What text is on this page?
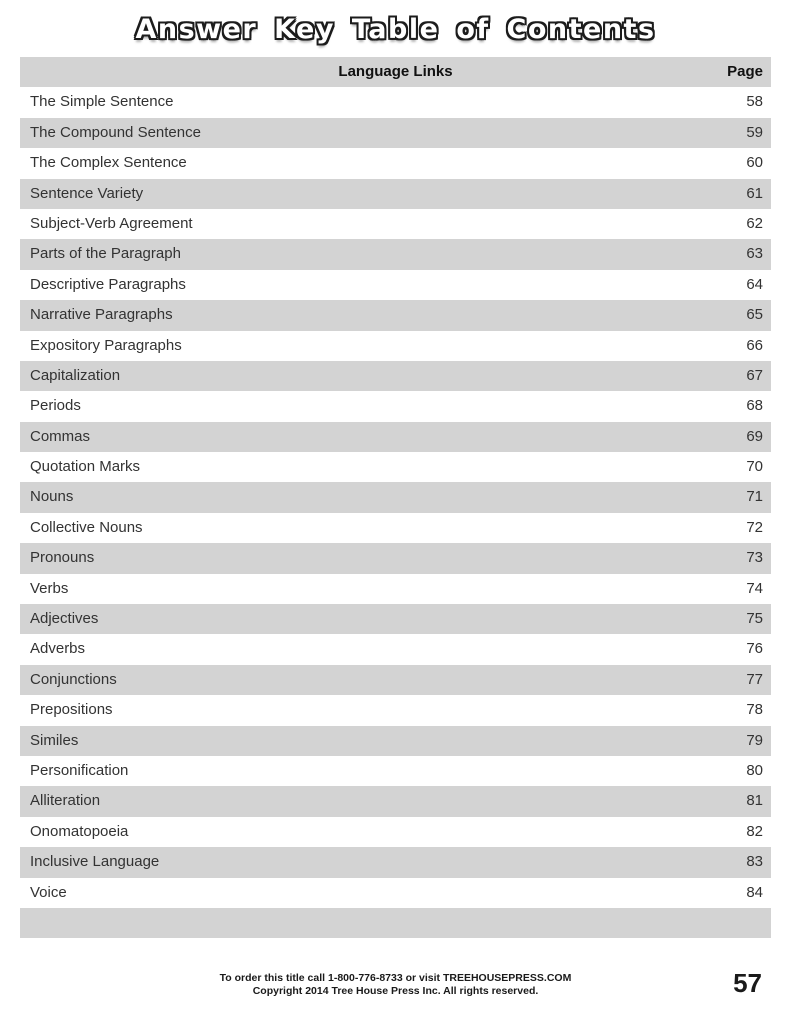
Answer Key Table of Contents
Language Links	Page
The Simple Sentence	58
The Compound Sentence	59
The Complex Sentence	60
Sentence Variety	61
Subject-Verb Agreement	62
Parts of the Paragraph	63
Descriptive Paragraphs	64
Narrative Paragraphs	65
Expository Paragraphs	66
Capitalization	67
Periods	68
Commas	69
Quotation Marks	70
Nouns	71
Collective Nouns	72
Pronouns	73
Verbs	74
Adjectives	75
Adverbs	76
Conjunctions	77
Prepositions	78
Similes	79
Personification	80
Alliteration	81
Onomatopoeia	82
Inclusive Language	83
Voice	84
To order this title call 1-800-776-8733 or visit TREEHOUSEPRESS.COM
Copyright 2014 Tree House Press Inc. All rights reserved.	57
